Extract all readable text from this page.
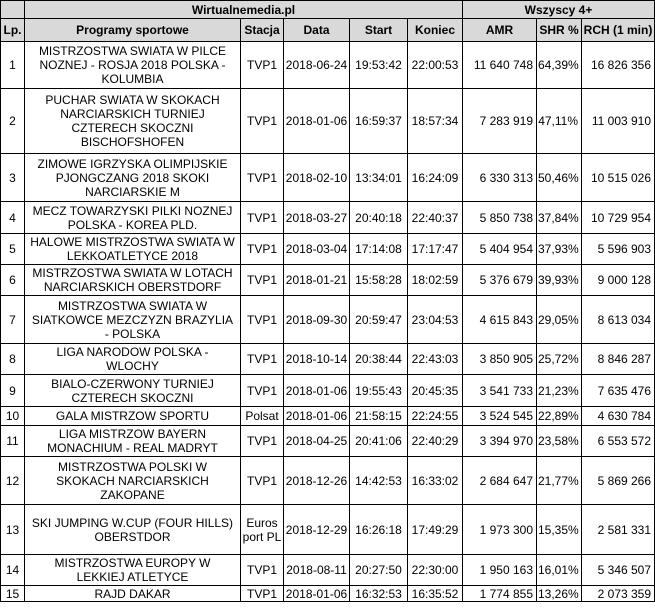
	Wirtualnemedia.pl					Wszyscy 4+		
Lp.	Programy sportowe	Stacja	Data	Start	Koniec	AMR	SHR %	RCH (1 min)
1	MISTRZOSTWA SWIATA W PILCE NOZNEJ - ROSJA 2018 POLSKA - KOLUMBIA	TVP1	2018-06-24	19:53:42	22:00:53	11 640 748	64,39%	16 826 356
2	PUCHAR SWIATA W SKOKACH NARCIARSKICH TURNIEJ CZTERECH SKOCZNI BISCHOFSHOFEN	TVP1	2018-01-06	16:59:37	18:57:34	7 283 919	47,11%	11 003 910
3	ZIMOWE IGRZYSKA OLIMPIJSKIE PJONGCZANG 2018 SKOKI NARCIARSKIE M	TVP1	2018-02-10	13:34:01	16:24:09	6 330 313	50,46%	10 515 026
4	MECZ TOWARZYSKI PILKI NOZNEJ POLSKA - KOREA PLD.	TVP1	2018-03-27	20:40:18	22:40:37	5 850 738	37,84%	10 729 954
5	HALOWE MISTRZOSTWA SWIATA W LEKKOATLETYCE 2018	TVP1	2018-03-04	17:14:08	17:17:47	5 404 954	37,93%	5 596 903
6	MISTRZOSTWA SWIATA W LOTACH NARCIARSKICH OBERSTDORF	TVP1	2018-01-21	15:58:28	18:02:59	5 376 679	39,93%	9 000 128
7	MISTRZOSTWA SWIATA W SIATKOWCE MEZCZYZN BRAZYLIA - POLSKA	TVP1	2018-09-30	20:59:47	23:04:53	4 615 843	29,05%	8 613 034
8	LIGA NARODOW POLSKA - WLOCHY	TVP1	2018-10-14	20:38:44	22:43:03	3 850 905	25,72%	8 846 287
9	BIALO-CZERWONY TURNIEJ CZTERECH SKOCZNI	TVP1	2018-01-06	19:55:43	20:45:35	3 541 733	21,23%	7 635 476
10	GALA MISTRZOW SPORTU	Polsat	2018-01-06	21:58:15	22:24:55	3 524 545	22,89%	4 630 784
11	LIGA MISTRZOW BAYERN MONACHIUM - REAL MADRYT	TVP1	2018-04-25	20:41:06	22:40:29	3 394 970	23,58%	6 553 572
12	MISTRZOSTWA POLSKI W SKOKACH NARCIARSKICH ZAKOPANE	TVP1	2018-12-26	14:42:53	16:33:02	2 684 647	21,77%	5 869 266
13	SKI JUMPING W.CUP (FOUR HILLS) OBERSTDOR	Euros port PL	2018-12-29	16:26:18	17:49:29	1 973 300	15,35%	2 581 331
14	MISTRZOSTWA EUROPY W LEKKIEJ ATLETYCE	TVP1	2018-08-11	20:27:50	22:30:00	1 950 163	16,01%	5 346 507
15	RAJD DAKAR	TVP1	2018-01-06	16:32:53	16:35:52	1 774 855	13,26%	2 073 359
